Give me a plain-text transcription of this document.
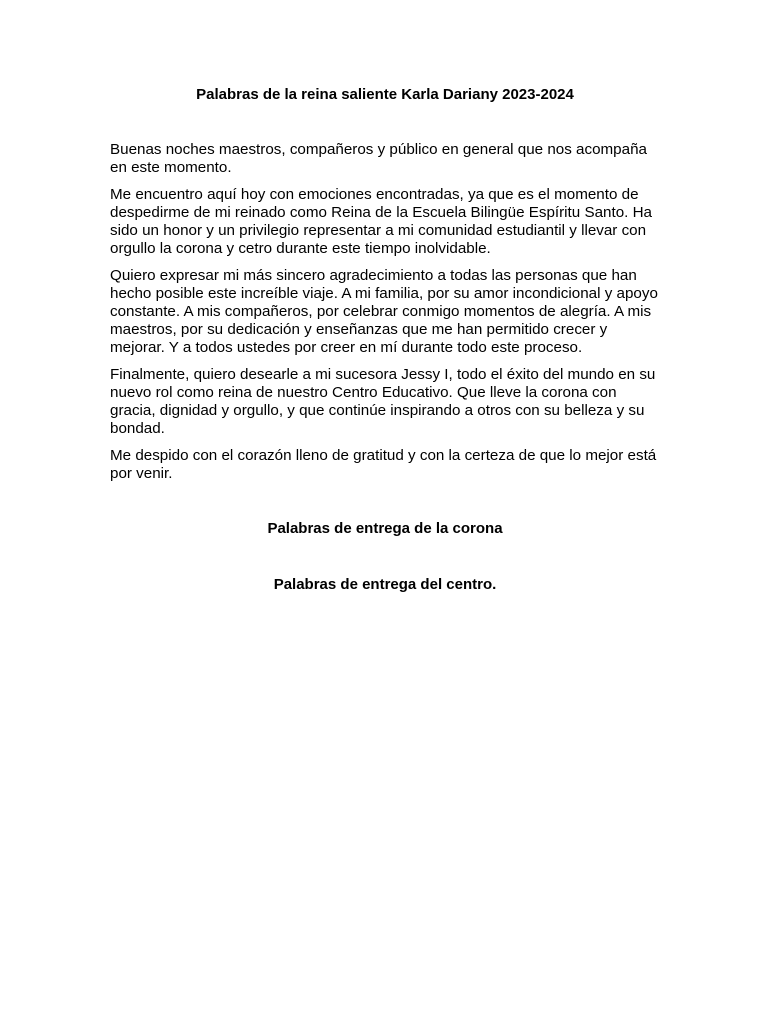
Palabras de la reina saliente Karla Dariany 2023-2024

Buenas noches maestros, compañeros y público en general que nos acompaña en este momento.

Me encuentro aquí hoy con emociones encontradas, ya que es el momento de despedirme de mi reinado como Reina de la Escuela Bilingüe Espíritu Santo. Ha sido un honor y un privilegio representar a mi comunidad estudiantil y llevar con orgullo la corona y cetro durante este tiempo inolvidable.

Quiero expresar mi más sincero agradecimiento a todas las personas que han hecho posible este increíble viaje. A mi familia, por su amor incondicional y apoyo constante. A mis compañeros, por celebrar conmigo momentos de alegría. A mis maestros, por su dedicación y enseñanzas que me han permitido crecer y mejorar. Y a todos ustedes por creer en mí durante todo este proceso.

Finalmente, quiero desearle a mi sucesora Jessy I, todo el éxito del mundo en su nuevo rol como reina de nuestro Centro Educativo. Que lleve la corona con gracia, dignidad y orgullo, y que continúe inspirando a otros con su belleza y su bondad.

Me despido con el corazón lleno de gratitud y con la certeza de que lo mejor está por venir.

Palabras de entrega de la corona
Palabras de entrega del centro.
